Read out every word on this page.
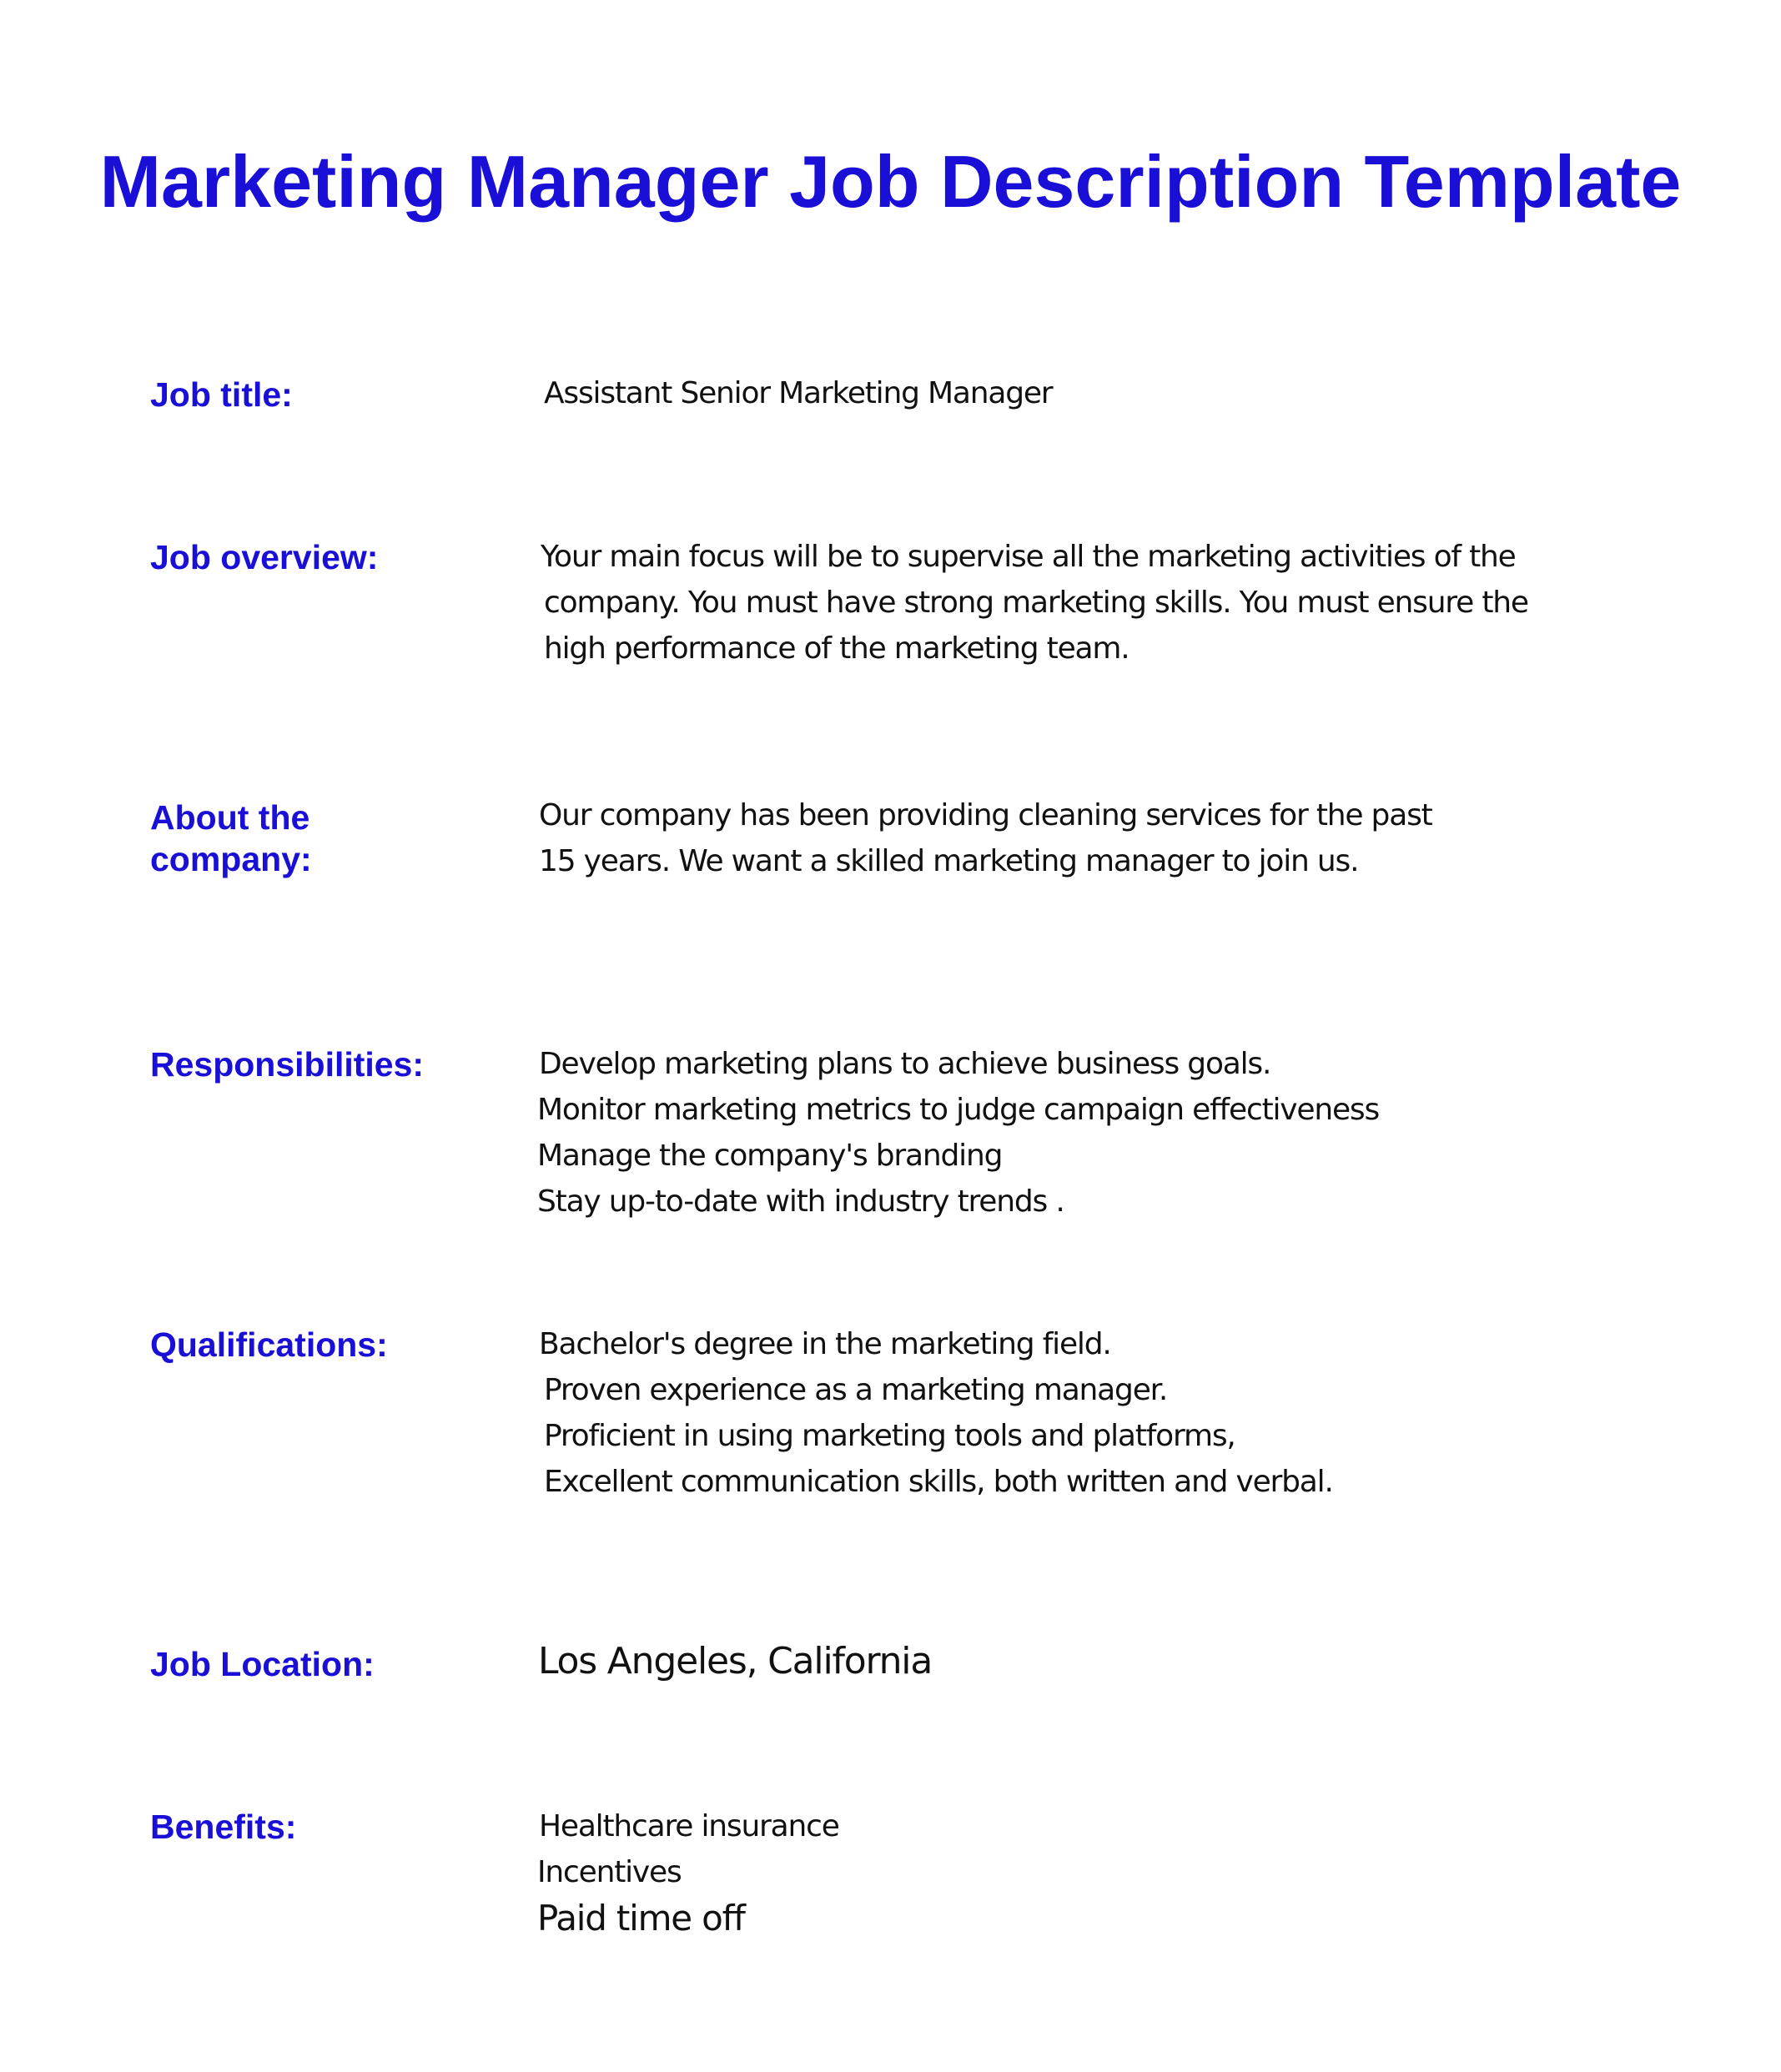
Marketing Manager Job Description Template
Job title:	Assistant Senior Marketing Manager
Job overview:	Your main focus will be to supervise all the marketing activities of the
company. You must have strong marketing skills. You must ensure the
high performance of the marketing team.
About the
company:
Our company has been providing cleaning services for the past
15 years. We want a skilled marketing manager to join us.
Responsibilities:	Develop marketing plans to achieve business goals.
Monitor marketing metrics to judge campaign effectiveness
Manage the company's branding
Stay up-to-date with industry trends .
Qualifications:	Bachelor's degree in the marketing field.
Proven experience as a marketing manager.
Proficient in using marketing tools and platforms,
Excellent communication skills, both written and verbal.
Job Location:	Los Angeles, California
Benefits:	Healthcare insurance
Incentives
Paid time off
